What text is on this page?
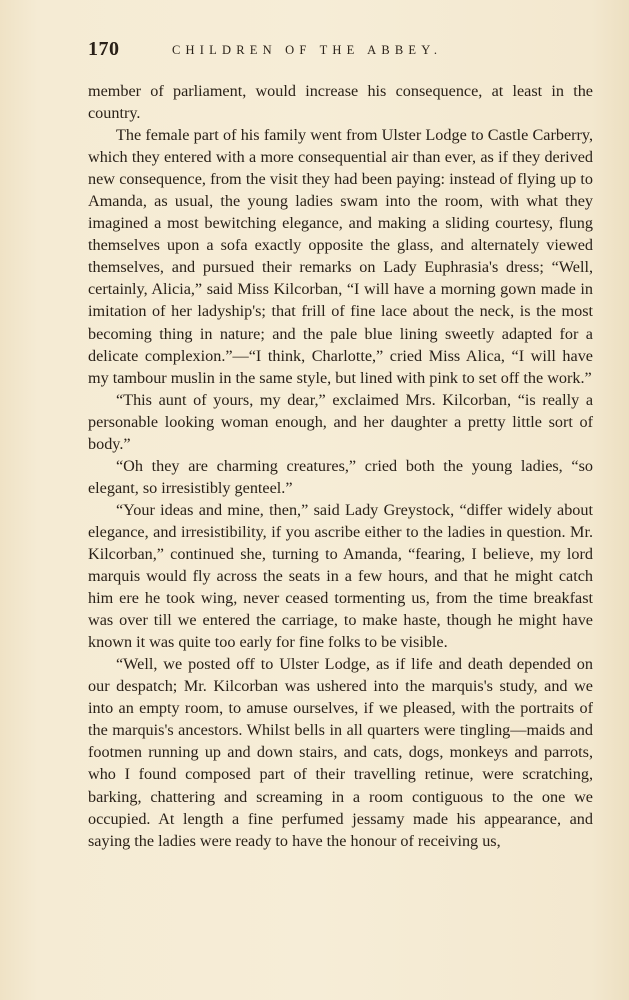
170	CHILDREN OF THE ABBEY.

member of parliament, would increase his consequence, at least in the country.

The female part of his family went from Ulster Lodge to Castle Carberry, which they entered with a more consequential air than ever, as if they derived new consequence, from the visit they had been paying: instead of flying up to Amanda, as usual, the young ladies swam into the room, with what they imagined a most bewitching elegance, and making a sliding courtesy, flung themselves upon a sofa exactly opposite the glass, and alternately viewed themselves, and pursued their remarks on Lady Euphrasia's dress; “Well, certainly, Alicia,” said Miss Kilcorban, “I will have a morning gown made in imitation of her ladyship's; that frill of fine lace about the neck, is the most becoming thing in nature; and the pale blue lining sweetly adapted for a delicate complexion.”—“I think, Charlotte,” cried Miss Alica, “I will have my tambour muslin in the same style, but lined with pink to set off the work.”

“This aunt of yours, my dear,” exclaimed Mrs. Kilcorban, “is really a personable looking woman enough, and her daughter a pretty little sort of body.”

“Oh they are charming creatures,” cried both the young ladies, “so elegant, so irresistibly genteel.”

“Your ideas and mine, then,” said Lady Greystock, “differ widely about elegance, and irresistibility, if you ascribe either to the ladies in question. Mr. Kilcorban,” continued she, turning to Amanda, “fearing, I believe, my lord marquis would fly across the seats in a few hours, and that he might catch him ere he took wing, never ceased tormenting us, from the time breakfast was over till we entered the carriage, to make haste, though he might have known it was quite too early for fine folks to be visible.

“Well, we posted off to Ulster Lodge, as if life and death depended on our despatch; Mr. Kilcorban was ushered into the marquis's study, and we into an empty room, to amuse ourselves, if we pleased, with the portraits of the marquis's ancestors. Whilst bells in all quarters were tingling—maids and footmen running up and down stairs, and cats, dogs, monkeys and parrots, who I found composed part of their travelling retinue, were scratching, barking, chattering and screaming in a room contiguous to the one we occupied. At length a fine perfumed jessamy made his appearance, and saying the ladies were ready to have the honour of receiving us,
